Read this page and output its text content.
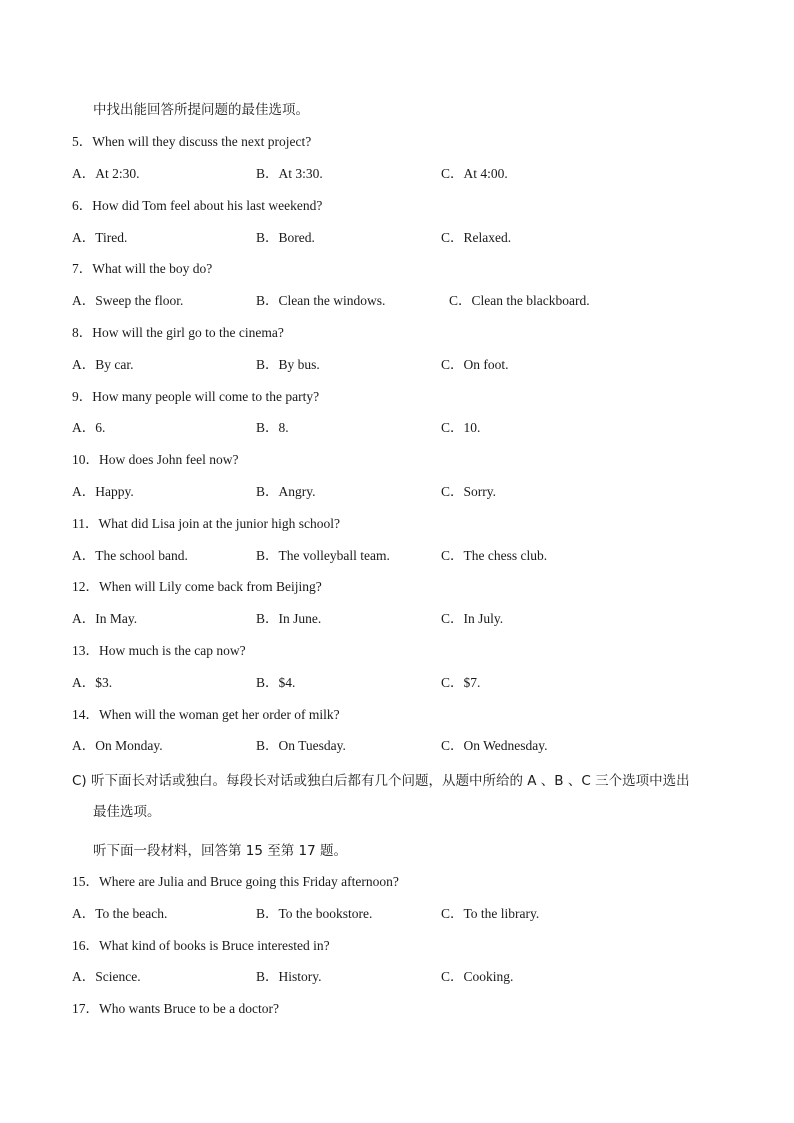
中找出能回答所提问题的最佳选项。
5．When will they discuss the next project?
A．At 2:30.	B．At 3:30.	C．At 4:00.
6．How did Tom feel about his last weekend?
A．Tired.	B．Bored.	C．Relaxed.
7．What will the boy do?
A．Sweep the floor.	B．Clean the windows.	C．Clean the blackboard.
8．How will the girl go to the cinema?
A．By car.	B．By bus.	C．On foot.
9．How many people will come to the party?
A．6.	B．8.	C．10.
10．How does John feel now?
A．Happy.	B．Angry.	C．Sorry.
11．What did Lisa join at the junior high school?
A．The school band.	B．The volleyball team.	C．The chess club.
12．When will Lily come back from Beijing?
A．In May.	B．In June.	C．In July.
13．How much is the cap now?
A．$3.	B．$4.	C．$7.
14．When will the woman get her order of milk?
A．On Monday.	B．On Tuesday.	C．On Wednesday.
C) 听下面长对话或独白。每段长对话或独白后都有几个问题，从题中所给的 A 、B 、C 三个选项中选出
最佳选项。
听下面一段材料，回答第 15 至第 17 题。
15．Where are Julia and Bruce going this Friday afternoon?
A．To the beach.	B．To the bookstore.	C．To the library.
16．What kind of books is Bruce interested in?
A．Science.	B．History.	C．Cooking.
17．Who wants Bruce to be a doctor?
